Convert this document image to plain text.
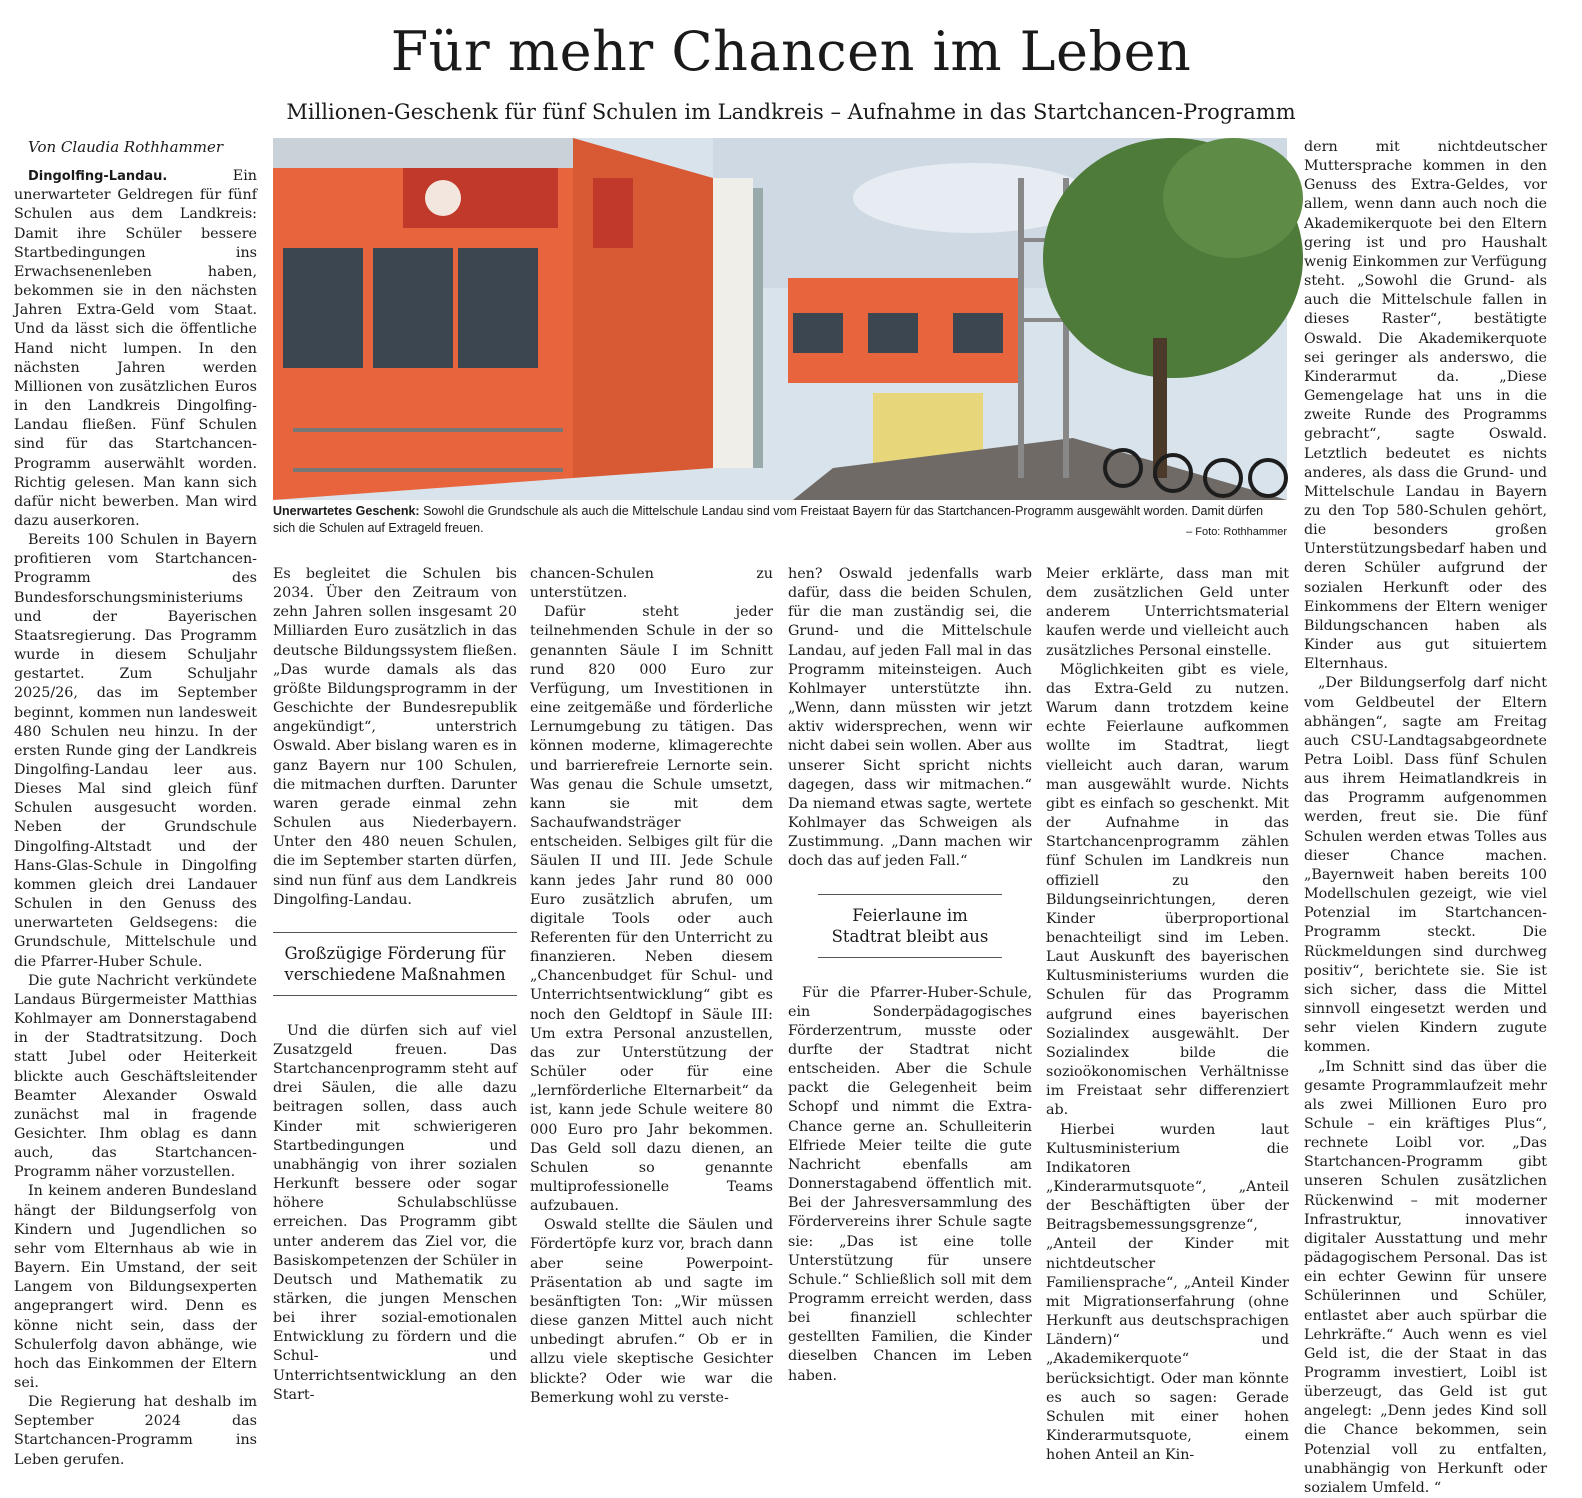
Für mehr Chancen im Leben
Millionen-Geschenk für fünf Schulen im Landkreis – Aufnahme in das Startchancen-Programm

Von Claudia Rothhammer

Dingolfing-Landau.	Ein unerwarteter Geldregen für fünf Schulen aus dem Landkreis: Damit ihre Schüler bessere Startbedingungen ins Erwachsenenleben haben, bekommen sie in den nächsten Jahren Extra-Geld vom Staat. Und da lässt sich die öffentliche Hand nicht lumpen. In den nächsten Jahren werden Millionen von zusätzlichen Euros in den Landkreis Dingolfing-Landau fließen. Fünf Schulen sind für das Startchancen-Programm auserwählt worden. Richtig gelesen. Man kann sich dafür nicht bewerben. Man wird dazu auserkoren.

Bereits 100 Schulen in Bayern profitieren vom Startchancen-Programm des Bundesforschungsministeriums und der Bayerischen Staatsregierung. Das Programm wurde in diesem Schuljahr gestartet. Zum Schuljahr 2025/26, das im September beginnt, kommen nun landesweit 480 Schulen neu hinzu. In der ersten Runde ging der Landkreis Dingolfing-Landau leer aus. Dieses Mal sind gleich fünf Schulen ausgesucht worden. Neben der Grundschule Dingolfing-Altstadt und der Hans-Glas-Schule in Dingolfing kommen gleich drei Landauer Schulen in den Genuss des unerwarteten Geldsegens: die Grundschule, Mittelschule und die Pfarrer-Huber Schule.

Die gute Nachricht verkündete Landaus Bürgermeister Matthias Kohlmayer am Donnerstagabend in der Stadtratsitzung. Doch statt Jubel oder Heiterkeit blickte auch Geschäftsleitender Beamter Alexander Oswald zunächst mal in fragende Gesichter. Ihm oblag es dann auch, das Startchancen-Programm näher vorzustellen.

In keinem anderen Bundesland hängt der Bildungserfolg von Kindern und Jugendlichen so sehr vom Elternhaus ab wie in Bayern. Ein Umstand, der seit Langem von Bildungsexperten angeprangert wird. Denn es könne nicht sein, dass der Schulerfolg davon abhänge, wie hoch das Einkommen der Eltern sei.

Die Regierung hat deshalb im September 2024 das Startchancen-Programm ins Leben gerufen.

Unerwartetes Geschenk: Sowohl die Grundschule als auch die Mittelschule Landau sind vom Freistaat Bayern für das Startchancen-Programm ausgewählt worden. Damit dürfen sich die Schulen auf Extrageld freuen.	– Foto: Rothhammer

Es begleitet die Schulen bis 2034. Über den Zeitraum von zehn Jahren sollen insgesamt 20 Milliarden Euro zusätzlich in das deutsche Bildungssystem fließen. „Das wurde damals als das größte Bildungsprogramm in der Geschichte der Bundesrepublik angekündigt“, unterstrich Oswald. Aber bislang waren es in ganz Bayern nur 100 Schulen, die mitmachen durften. Darunter waren gerade einmal zehn Schulen aus Niederbayern. Unter den 480 neuen Schulen, die im September starten dürfen, sind nun fünf aus dem Landkreis Dingolfing-Landau.

Großzügige Förderung für verschiedene Maßnahmen

Und die dürfen sich auf viel Zusatzgeld freuen. Das Startchancenprogramm steht auf drei Säulen, die alle dazu beitragen sollen, dass auch Kinder mit schwierigeren Startbedingungen und unabhängig von ihrer sozialen Herkunft bessere oder sogar höhere Schulabschlüsse erreichen. Das Programm gibt unter anderem das Ziel vor, die Basiskompetenzen der Schüler in Deutsch und Mathematik zu stärken, die jungen Menschen bei ihrer sozial-emotionalen Entwicklung zu fördern und die Schul- und Unterrichtsentwicklung an den Start-

chancen-Schulen zu unterstützen.

Dafür steht jeder teilnehmenden Schule in der so genannten Säule I im Schnitt rund 820 000 Euro zur Verfügung, um Investitionen in eine zeitgemäße und förderliche Lernumgebung zu tätigen. Das können moderne, klimagerechte und barrierefreie Lernorte sein. Was genau die Schule umsetzt, kann sie mit dem Sachaufwandsträger entscheiden. Selbiges gilt für die Säulen II und III. Jede Schule kann jedes Jahr rund 80 000 Euro zusätzlich abrufen, um digitale Tools oder auch Referenten für den Unterricht zu finanzieren. Neben diesem „Chancenbudget für Schul- und Unterrichtsentwicklung“ gibt es noch den Geldtopf in Säule III: Um extra Personal anzustellen, das zur Unterstützung der Schüler oder für eine „lernförderliche Elternarbeit“ da ist, kann jede Schule weitere 80 000 Euro pro Jahr bekommen. Das Geld soll dazu dienen, an Schulen so genannte multiprofessionelle Teams aufzubauen.

Oswald stellte die Säulen und Fördertöpfe kurz vor, brach dann aber seine Powerpoint-Präsentation ab und sagte im besänftigten Ton: „Wir müssen diese ganzen Mittel auch nicht unbedingt abrufen.“ Ob er in allzu viele skeptische Gesichter blickte? Oder wie war die Bemerkung wohl zu verste-

hen? Oswald jedenfalls warb dafür, dass die beiden Schulen, für die man zuständig sei, die Grund- und die Mittelschule Landau, auf jeden Fall mal in das Programm miteinsteigen. Auch Kohlmayer unterstützte ihn. „Wenn, dann müssten wir jetzt aktiv widersprechen, wenn wir nicht dabei sein wollen. Aber aus unserer Sicht spricht nichts dagegen, dass wir mitmachen.“ Da niemand etwas sagte, wertete Kohlmayer das Schweigen als Zustimmung. „Dann machen wir doch das auf jeden Fall.“

Feierlaune im Stadtrat bleibt aus

Für die Pfarrer-Huber-Schule, ein Sonderpädagogisches Förderzentrum, musste oder durfte der Stadtrat nicht entscheiden. Aber die Schule packt die Gelegenheit beim Schopf und nimmt die Extra-Chance gerne an. Schulleiterin Elfriede Meier teilte die gute Nachricht ebenfalls am Donnerstagabend öffentlich mit. Bei der Jahresversammlung des Fördervereins ihrer Schule sagte sie: „Das ist eine tolle Unterstützung für unsere Schule.“ Schließlich soll mit dem Programm erreicht werden, dass bei finanziell schlechter gestellten Familien, die Kinder dieselben Chancen im Leben haben.

Meier erklärte, dass man mit dem zusätzlichen Geld unter anderem Unterrichtsmaterial kaufen werde und vielleicht auch zusätzliches Personal einstelle.

Möglichkeiten gibt es viele, das Extra-Geld zu nutzen. Warum dann trotzdem keine echte Feierlaune aufkommen wollte im Stadtrat, liegt vielleicht auch daran, warum man ausgewählt wurde. Nichts gibt es einfach so geschenkt. Mit der Aufnahme in das Startchancenprogramm zählen fünf Schulen im Landkreis nun offiziell zu den Bildungseinrichtungen, deren Kinder überproportional benachteiligt sind im Leben. Laut Auskunft des bayerischen Kultusministeriums wurden die Schulen für das Programm aufgrund eines bayerischen Sozialindex ausgewählt. Der Sozialindex bilde die sozioökonomischen Verhältnisse im Freistaat sehr differenziert ab.

Hierbei wurden laut Kultusministerium die Indikatoren „Kinderarmutsquote“, „Anteil der Beschäftigten über der Beitragsbemessungsgrenze“, „Anteil der Kinder mit nichtdeutscher Familiensprache“, „Anteil Kinder mit Migrationserfahrung (ohne Herkunft aus deutschsprachigen Ländern)“ und „Akademikerquote“ berücksichtigt. Oder man könnte es auch so sagen: Gerade Schulen mit einer hohen Kinderarmutsquote, einem hohen Anteil an Kin-

dern mit nichtdeutscher Muttersprache kommen in den Genuss des Extra-Geldes, vor allem, wenn dann auch noch die Akademikerquote bei den Eltern gering ist und pro Haushalt wenig Einkommen zur Verfügung steht. „Sowohl die Grund- als auch die Mittelschule fallen in dieses Raster“, bestätigte Oswald. Die Akademikerquote sei geringer als anderswo, die Kinderarmut da. „Diese Gemengelage hat uns in die zweite Runde des Programms gebracht“, sagte Oswald. Letztlich bedeutet es nichts anderes, als dass die Grund- und Mittelschule Landau in Bayern zu den Top 580-Schulen gehört, die besonders großen Unterstützungsbedarf haben und deren Schüler aufgrund der sozialen Herkunft oder des Einkommens der Eltern weniger Bildungschancen haben als Kinder aus gut situiertem Elternhaus.

„Der Bildungserfolg darf nicht vom Geldbeutel der Eltern abhängen“, sagte am Freitag auch CSU-Landtagsabgeordnete Petra Loibl. Dass fünf Schulen aus ihrem Heimatlandkreis in das Programm aufgenommen werden, freut sie. Die fünf Schulen werden etwas Tolles aus dieser Chance machen. „Bayernweit haben bereits 100 Modellschulen gezeigt, wie viel Potenzial im Startchancen-Programm steckt. Die Rückmeldungen sind durchweg positiv“, berichtete sie. Sie ist sich sicher, dass die Mittel sinnvoll eingesetzt werden und sehr vielen Kindern zugute kommen.

„Im Schnitt sind das über die gesamte Programmlaufzeit mehr als zwei Millionen Euro pro Schule – ein kräftiges Plus“, rechnete Loibl vor. „Das Startchancen-Programm gibt unseren Schulen zusätzlichen Rückenwind – mit moderner Infrastruktur, innovativer digitaler Ausstattung und mehr pädagogischem Personal. Das ist ein echter Gewinn für unsere Schülerinnen und Schüler, entlastet aber auch spürbar die Lehrkräfte.“ Auch wenn es viel Geld ist, die der Staat in das Programm investiert, Loibl ist überzeugt, das Geld ist gut angelegt: „Denn jedes Kind soll die Chance bekommen, sein Potenzial voll zu entfalten, unabhängig von Herkunft oder sozialem Umfeld. “
